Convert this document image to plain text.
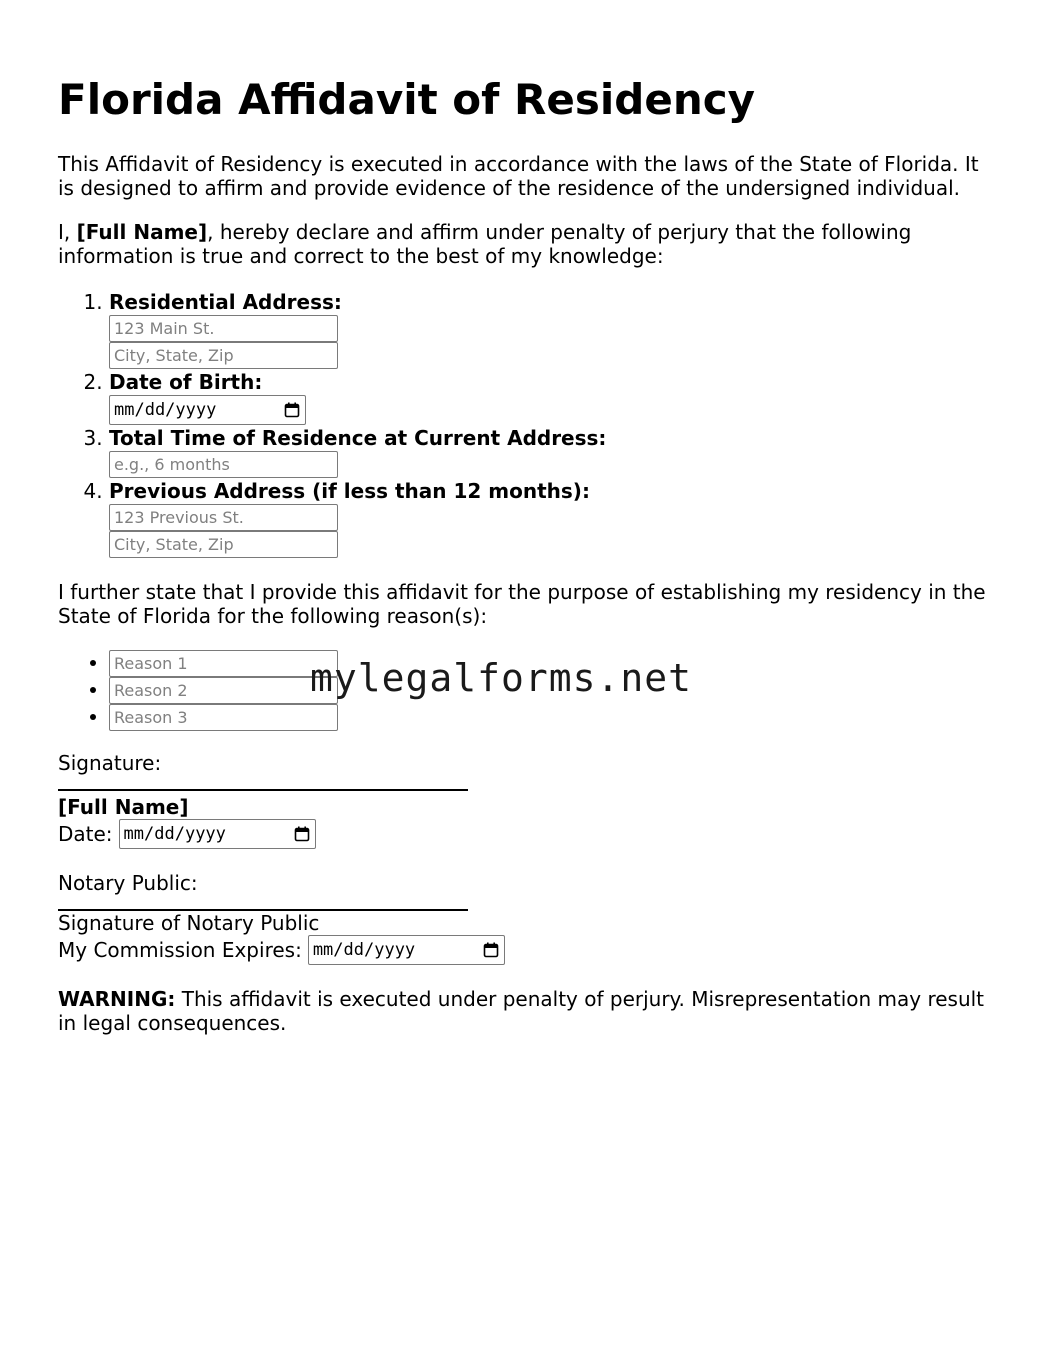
Florida Affidavit of Residency

This Affidavit of Residency is executed in accordance with the laws of the State of Florida. It is designed to affirm and provide evidence of the residence of the undersigned individual.

I, [Full Name], hereby declare and affirm under penalty of perjury that the following information is true and correct to the best of my knowledge:

1. Residential Address:
123 Main St.
City, State, Zip
2. Date of Birth:
mm/dd/yyyy
3. Total Time of Residence at Current Address:
e.g., 6 months
4. Previous Address (if less than 12 months):
123 Previous St.
City, State, Zip

I further state that I provide this affidavit for the purpose of establishing my residency in the State of Florida for the following reason(s):

•
Reason 1
•
Reason 2
•
Reason 3

Signature:

[Full Name]

Date: mm/dd/yyyy

Notary Public:

Signature of Notary Public

My Commission Expires: mm/dd/yyyy

WARNING: This affidavit is executed under penalty of perjury. Misrepresentation may result in legal consequences.

mylegalforms.net
